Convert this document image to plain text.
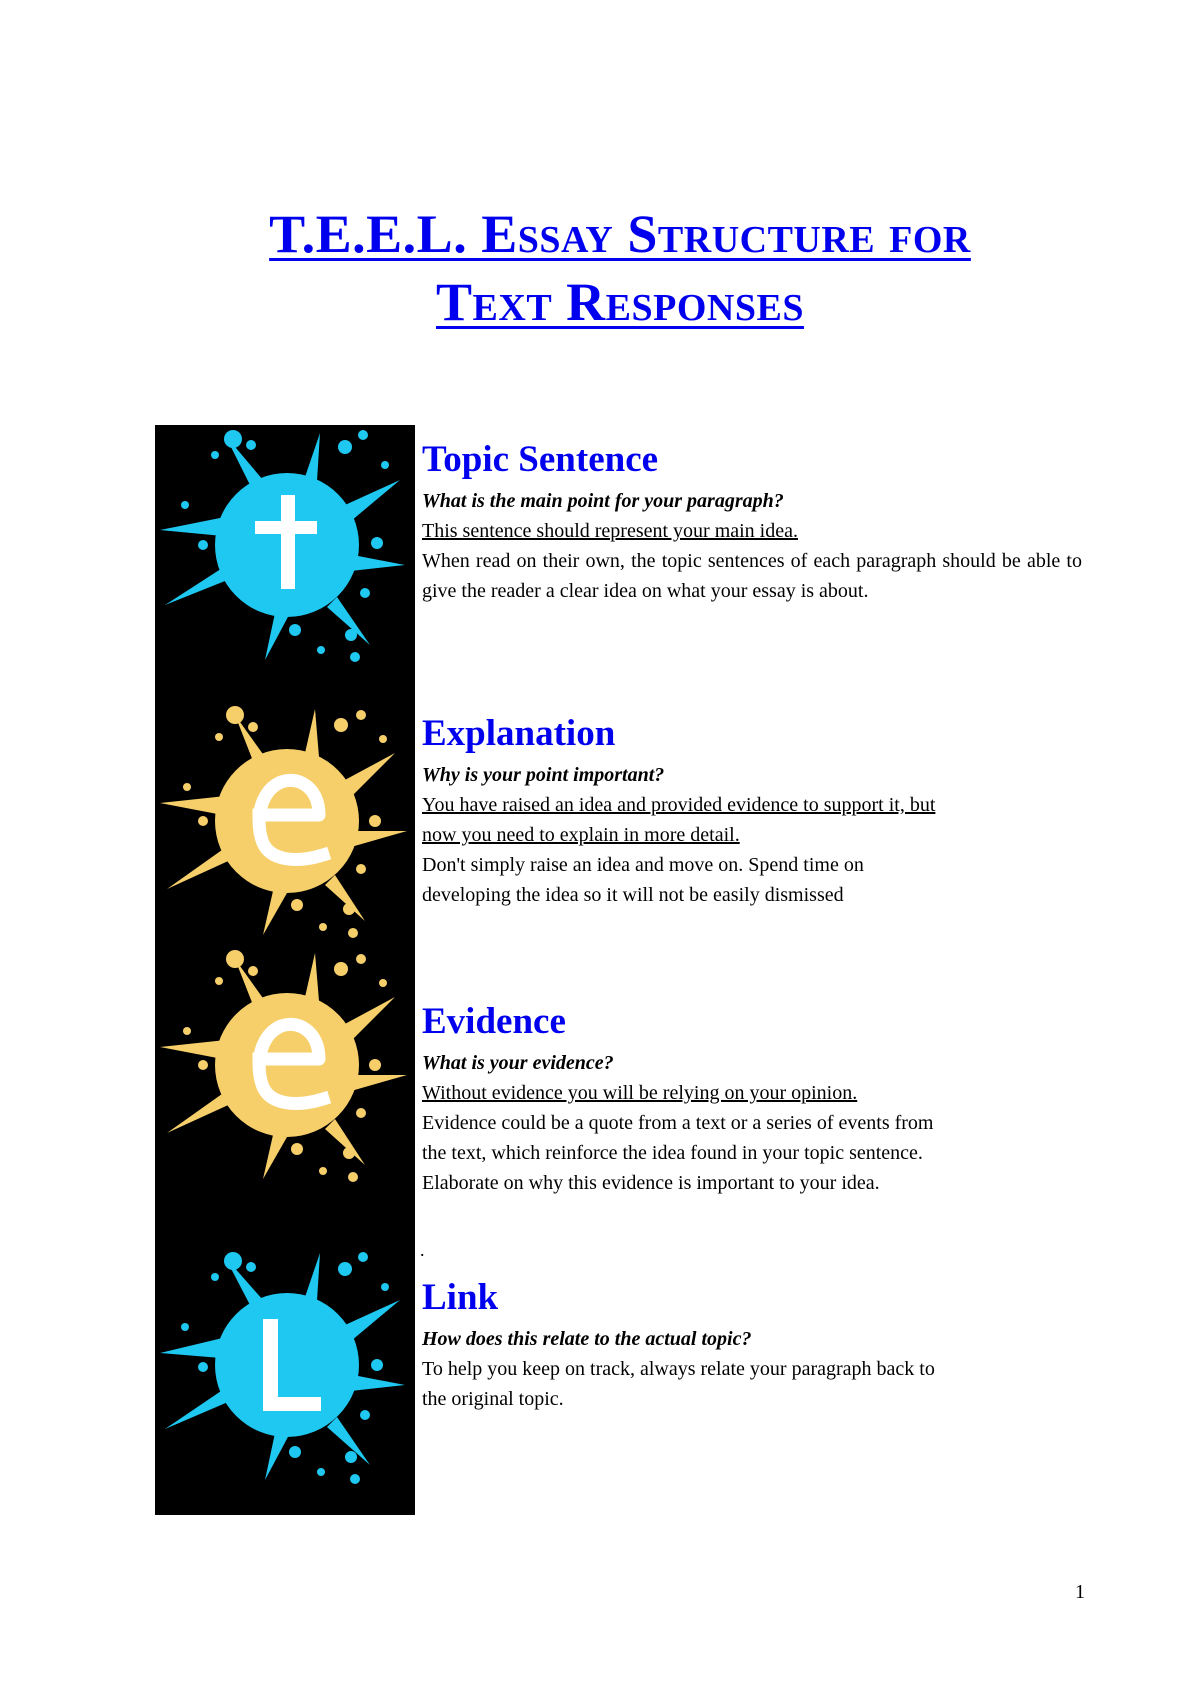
T.E.E.L. Essay Structure for
Text Responses
Topic Sentence

What is the main point for your paragraph?

This sentence should represent your main idea.

When read on their own, the topic sentences of each paragraph should be able to give the reader a clear idea on what your essay is about.

Explanation

Why is your point important?

You have raised an idea and provided evidence to support it, but

now you need to explain in more detail.

Don't simply raise an idea and move on. Spend time on

developing the idea so it will not be easily dismissed

Evidence

What is your evidence?

Without evidence you will be relying on your opinion.

Evidence could be a quote from a text or a series of events from

the text, which reinforce the idea found in your topic sentence.

Elaborate on why this evidence is important to your idea.

.
Link

How does this relate to the actual topic?

To help you keep on track, always relate your paragraph back to

the original topic.

1
